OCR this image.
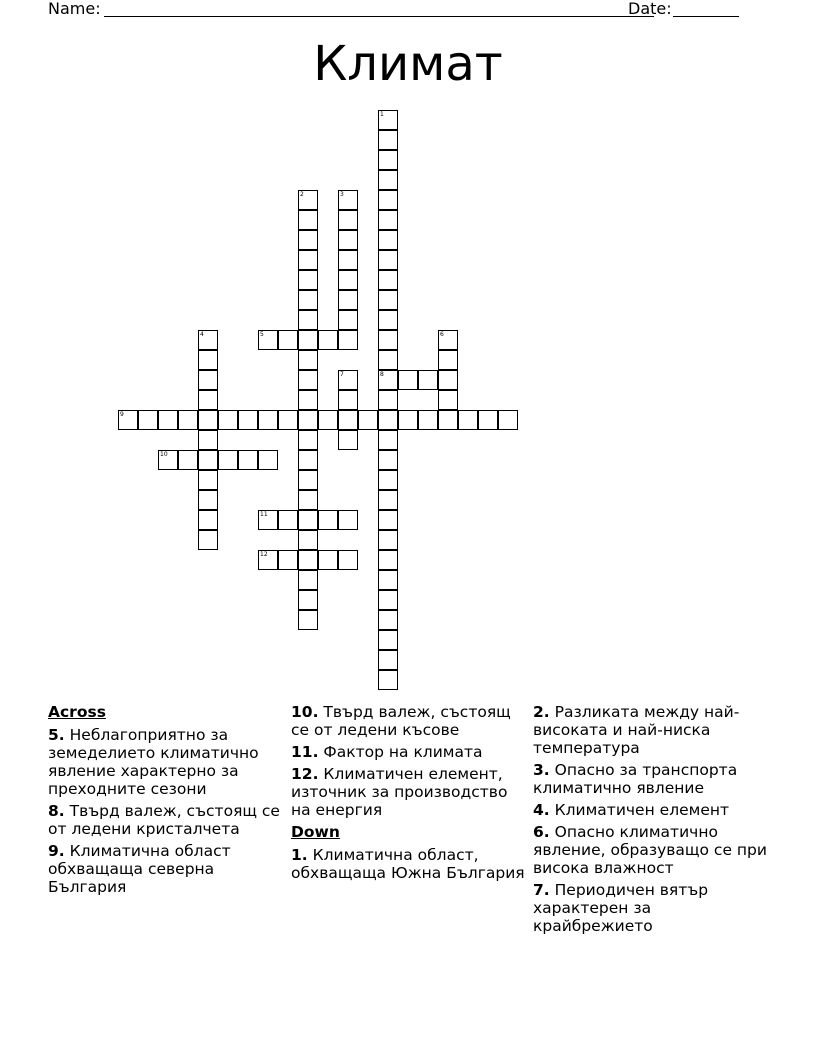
Name:	Date:
Климат
1
8
2	3
4	5	6
7
9
10
11
12
Across
5. Неблагоприятно за земеделието климатично явление характерно за преходните сезони
8. Твърд валеж, състоящ се от ледени кристалчета
9. Климатична област обхващаща северна България
10. Твърд валеж, състоящ се от ледени късове
11. Фактор на климата
12. Климатичен елемент, източник за производство на енергия
Down
1. Климатична област, обхващаща Южна България
2. Разликата между най-високата и най-ниска температура
3. Опасно за транспорта климатично явление
4. Климатичен елемент
6. Опасно климатично явление, образуващо се при висока влажност
7. Периодичен вятър характерен за крайбрежието
